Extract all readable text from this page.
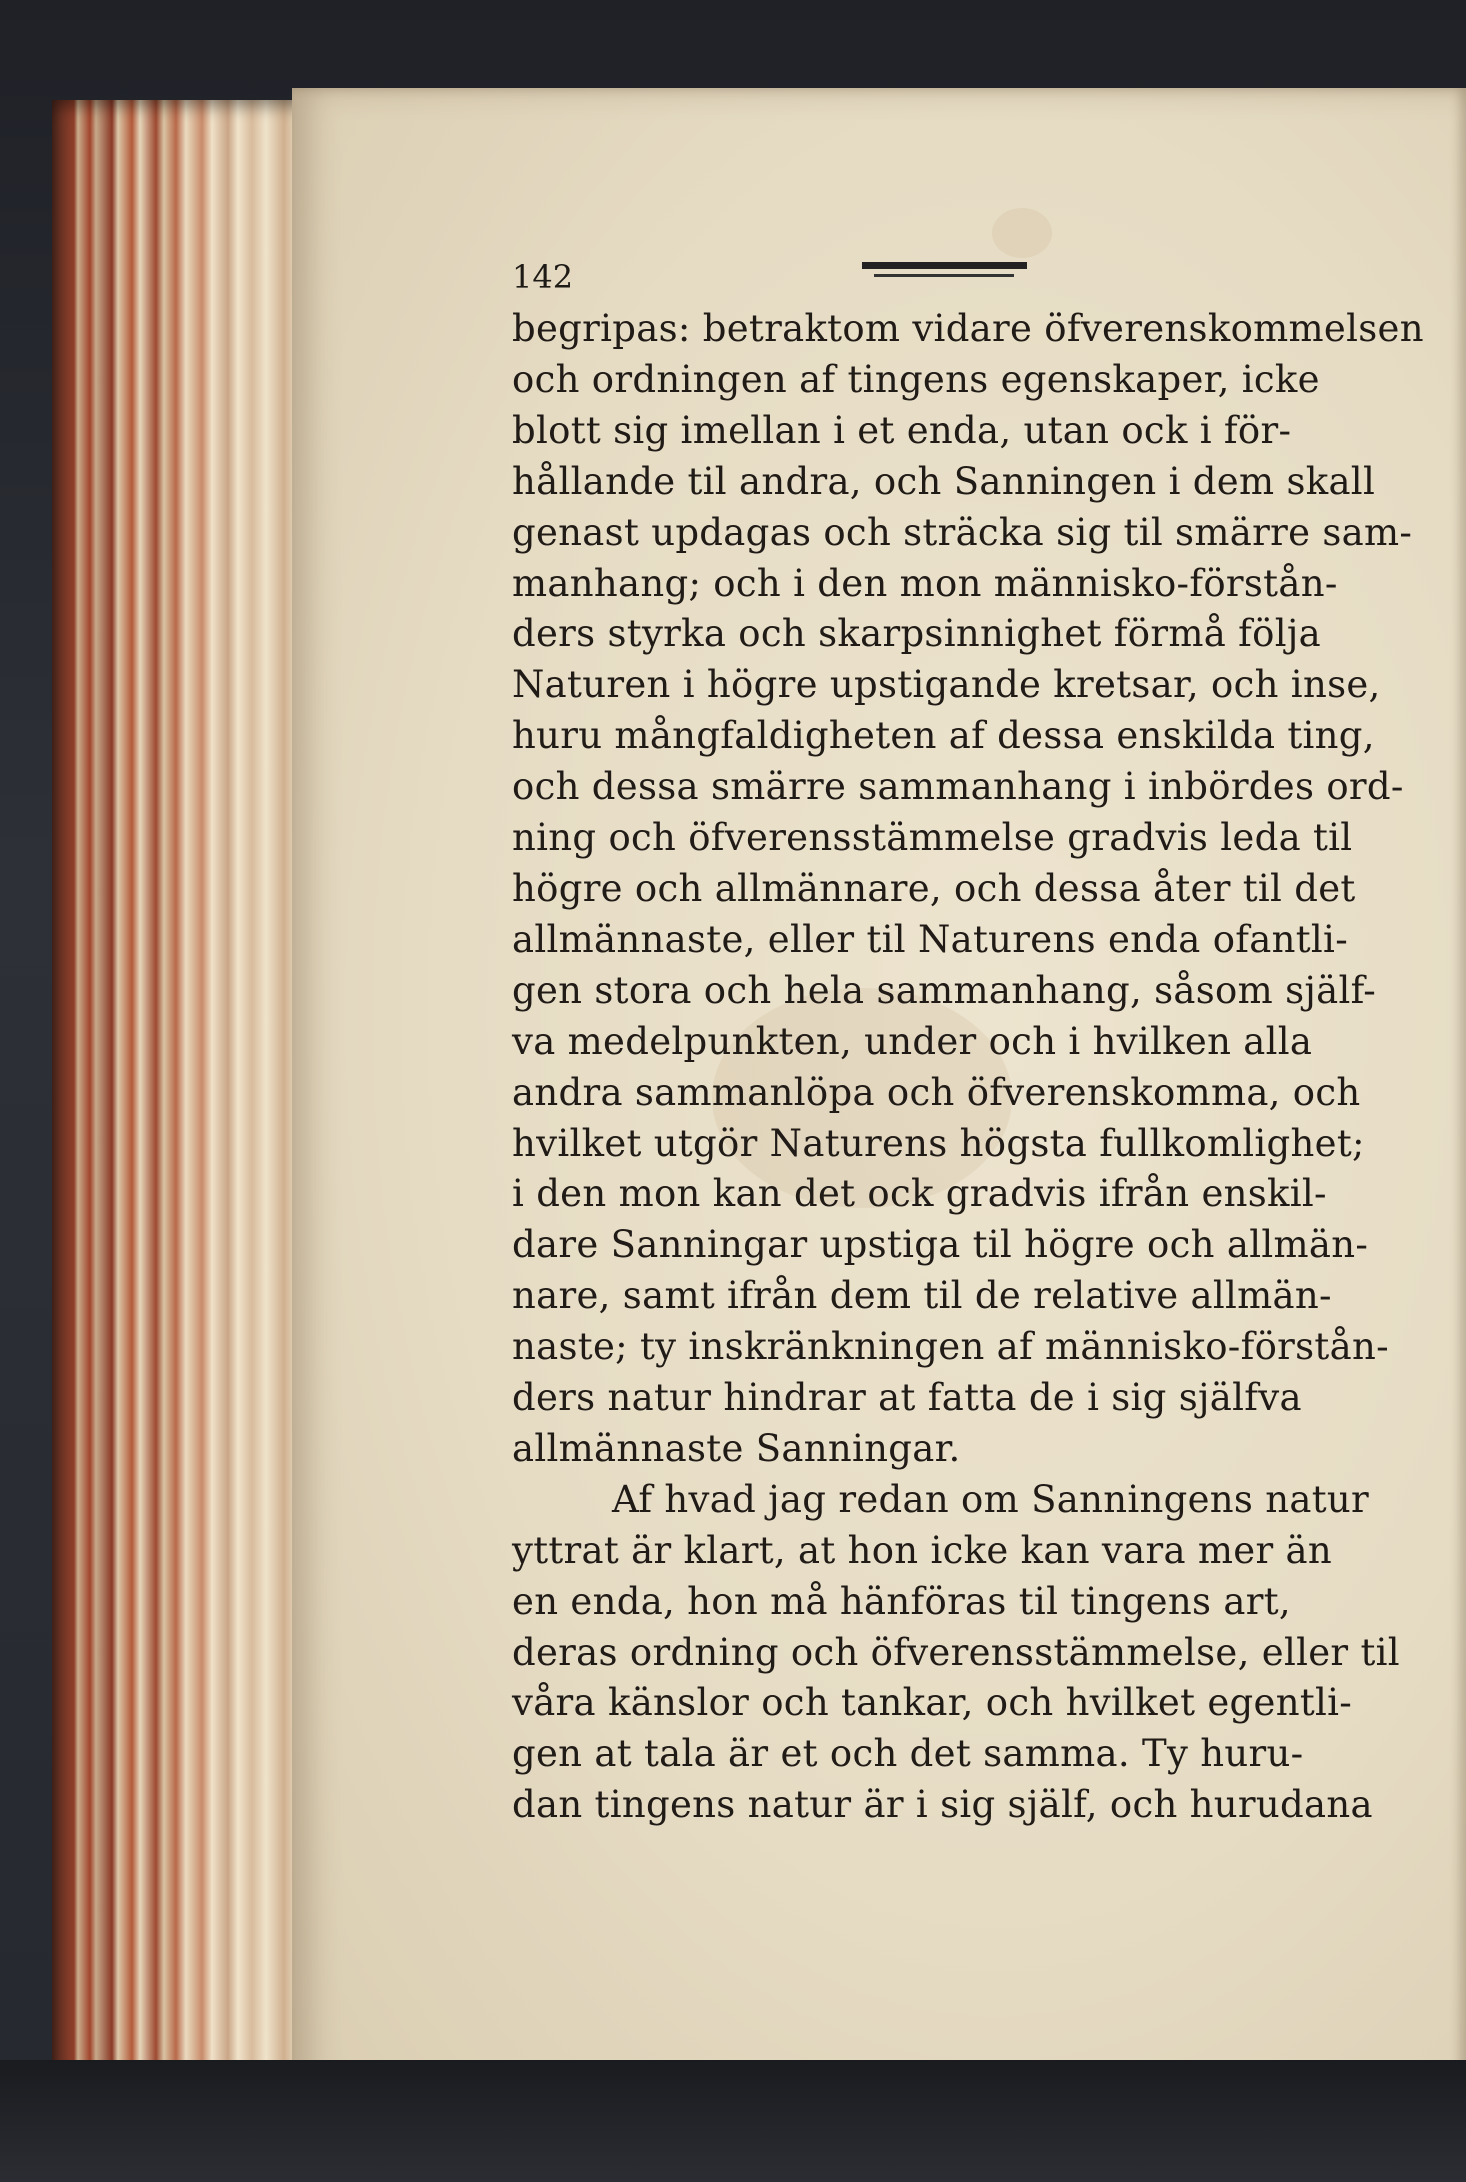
142
begripas: betraktom vidare öfverenskommelsen
och ordningen af tingens egenskaper, icke
blott sig imellan i et enda, utan ock i för-
hållande til andra, och Sanningen i dem skall
genast updagas och sträcka sig til smärre sam-
manhang; och i den mon människo-förstån-
ders styrka och skarpsinnighet förmå följa
Naturen i högre upstigande kretsar, och inse,
huru mångfaldigheten af dessa enskilda ting,
och dessa smärre sammanhang i inbördes ord-
ning och öfverensstämmelse gradvis leda til
högre och allmännare, och dessa åter til det
allmännaste, eller til Naturens enda ofantli-
gen stora och hela sammanhang, såsom själf-
va medelpunkten, under och i hvilken alla
andra sammanlöpa och öfverenskomma, och
hvilket utgör Naturens högsta fullkomlighet;
i den mon kan det ock gradvis ifrån enskil-
dare Sanningar upstiga til högre och allmän-
nare, samt ifrån dem til de relative allmän-
naste; ty inskränkningen af människo-förstån-
ders natur hindrar at fatta de i sig själfva
allmännaste Sanningar.
Af hvad jag redan om Sanningens natur
yttrat är klart, at hon icke kan vara mer än
en enda, hon må hänföras til tingens art,
deras ordning och öfverensstämmelse, eller til
våra känslor och tankar, och hvilket egentli-
gen at tala är et och det samma. Ty huru-
dan tingens natur är i sig själf, och hurudana
